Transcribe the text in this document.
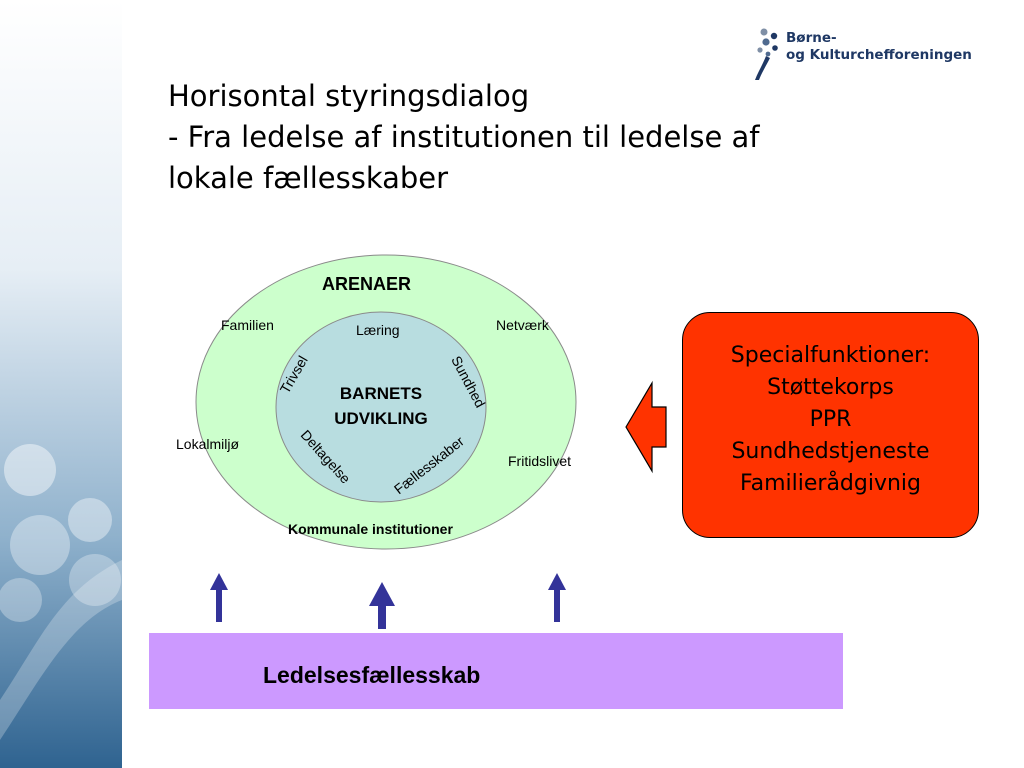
Børne-
og Kulturchefforeningen
Horisontal styringsdialog
- Fra ledelse af institutionen til ledelse af
lokale fællesskaber
Trivsel	Sundhed
Deltagelse	Fællesskaber
ARENAER
Familien	Netværk
Lokalmiljø
Fritidslivet
Læring
BARNETS
UDVIKLING
Kommunale institutioner
Specialfunktioner:
Støttekorps
PPR
Sundhedstjeneste
Familierådgivnig
Ledelsesfællesskab
